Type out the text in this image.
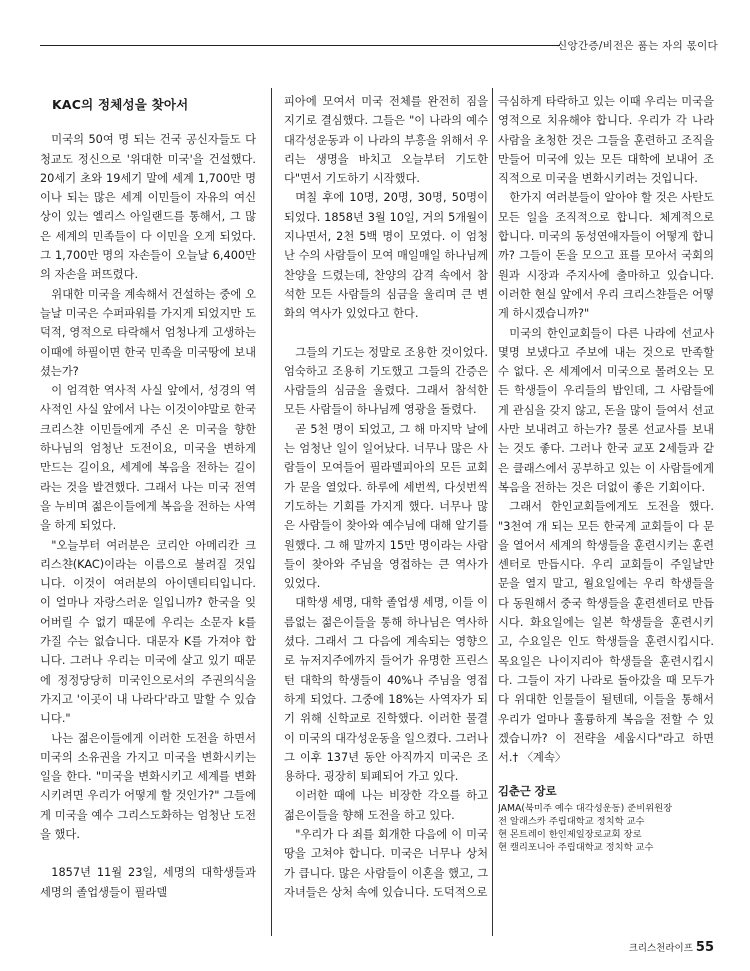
신앙간증/비전은 품는 자의 몫이다
KAC의 정체성을 찾아서

미국의 50여 명 되는 건국 공신자들도 다 청교도 정신으로 '위대한 미국'을 건설했다. 20세기 초와 19세기 말에 세계 1,700만 명이나 되는 많은 세계 이민들이 자유의 여신상이 있는 엘리스 아일랜드를 통해서, 그 많은 세계의 민족들이 다 이민을 오게 되었다. 그 1,700만 명의 자손들이 오늘날 6,400만의 자손을 퍼뜨렸다.

위대한 미국을 계속해서 건설하는 중에 오늘날 미국은 수퍼파워를 가지게 되었지만 도덕적, 영적으로 타락해서 엄청나게 고생하는 이때에 하필이면 한국 민족을 미국땅에 보내셨는가?

이 엄격한 역사적 사실 앞에서, 성경의 역사적인 사실 앞에서 나는 이것이야말로 한국 크리스챤 이민들에게 주신 온 미국을 향한 하나님의 엄청난 도전이요, 미국을 변하게 만드는 길이요, 세계에 복음을 전하는 길이라는 것을 발견했다. 그래서 나는 미국 전역을 누비며 젊은이들에게 복음을 전하는 사역을 하게 되었다.

"오늘부터 여러분은 코리안 아메리칸 크리스챤(KAC)이라는 이름으로 불려질 것입니다. 이것이 여러분의 아이덴티티입니다. 이 얼마나 자랑스러운 일입니까? 한국을 잊어버릴 수 없기 때문에 우리는 소문자 k를 가질 수는 없습니다. 대문자 K를 가져야 합니다. 그러나 우리는 미국에 살고 있기 때문에 정정당당히 미국인으로서의 주권의식을 가지고 '이곳이 내 나라다'라고 말할 수 있습니다."

나는 젊은이들에게 이러한 도전을 하면서 미국의 소유권을 가지고 미국을 변화시키는 일을 한다. "미국을 변화시키고 세계를 변화시키려면 우리가 어떻게 할 것인가?" 그들에게 미국을 예수 그리스도화하는 엄청난 도전을 했다.

1857년 11월 23일, 세명의 대학생들과 세명의 졸업생들이 필라델

피아에 모여서 미국 전체를 완전히 짐을 지기로 결심했다. 그들은 "이 나라의 예수 대각성운동과 이 나라의 부흥을 위해서 우리는 생명을 바치고 오늘부터 기도한다"면서 기도하기 시작했다.

며칠 후에 10명, 20명, 30명, 50명이 되었다. 1858년 3월 10일, 거의 5개월이 지나면서, 2천 5백 명이 모였다. 이 엄청난 수의 사람들이 모여 매일매일 하나님께 찬양을 드렸는데, 찬양의 감격 속에서 참석한 모든 사람들의 심금을 울리며 큰 변화의 역사가 있었다고 한다.

그들의 기도는 정말로 조용한 것이었다. 엄숙하고 조용히 기도했고 그들의 간증은 사람들의 심금을 울렸다. 그래서 참석한 모든 사람들이 하나님께 영광을 돌렸다.

곧 5천 명이 되었고, 그 해 마지막 날에는 엄청난 일이 일어났다. 너무나 많은 사람들이 모여들어 필라델피아의 모든 교회가 문을 열었다. 하루에 세번씩, 다섯번씩 기도하는 기회를 가지게 했다. 너무나 많은 사람들이 찾아와 예수님에 대해 알기를 원했다. 그 해 말까지 15만 명이라는 사람들이 찾아와 주님을 영접하는 큰 역사가 있었다.

대학생 세명, 대학 졸업생 세명, 이들 이름없는 젊은이들을 통해 하나님은 역사하셨다. 그래서 그 다음에 계속되는 영향으로 뉴저지주에까지 들어가 유명한 프린스턴 대학의 학생들이 40%나 주님을 영접하게 되었다. 그중에 18%는 사역자가 되기 위해 신학교로 진학했다. 이러한 물결이 미국의 대각성운동을 일으켰다. 그러나 그 이후 137년 동안 아직까지 미국은 조용하다. 굉장히 퇴폐되어 가고 있다.

이러한 때에 나는 비장한 각오를 하고 젊은이들을 향해 도전을 하고 있다.

"우리가 다 죄를 회개한 다음에 이 미국땅을 고쳐야 합니다. 미국은 너무나 상처가 큽니다. 많은 사람들이 이혼을 했고, 그 자녀들은 상처 속에 있습니다. 도덕적으로

극심하게 타락하고 있는 이때 우리는 미국을 영적으로 치유해야 합니다. 우리가 각 나라 사람을 초청한 것은 그들을 훈련하고 조직을 만들어 미국에 있는 모든 대학에 보내어 조직적으로 미국을 변화시키려는 것입니다.

한가지 여러분들이 알아야 할 것은 사탄도 모든 일을 조직적으로 합니다. 체계적으로 합니다. 미국의 동성연애자들이 어떻게 합니까? 그들이 돈을 모으고 표를 모아서 국회의원과 시장과 주지사에 출마하고 있습니다. 이러한 현실 앞에서 우리 크리스챤들은 어떻게 하시겠습니까?"

미국의 한인교회들이 다른 나라에 선교사 몇명 보냈다고 주보에 내는 것으로 만족할 수 없다. 온 세계에서 미국으로 몰려오는 모든 학생들이 우리들의 밥인데, 그 사람들에게 관심을 갖지 않고, 돈을 많이 들여서 선교사만 보내려고 하는가? 물론 선교사를 보내는 것도 좋다. 그러나 한국 교포 2세들과 같은 클래스에서 공부하고 있는 이 사람들에게 복음을 전하는 것은 더없이 좋은 기회이다.

그래서 한인교회들에게도 도전을 했다. "3천여 개 되는 모든 한국계 교회들이 다 문을 열어서 세계의 학생들을 훈련시키는 훈련센터로 만듭시다. 우리 교회들이 주일날만 문을 열지 말고, 월요일에는 우리 학생들을 다 동원해서 중국 학생들을 훈련센터로 만듭시다. 화요일에는 일본 학생들을 훈련시키고, 수요일은 인도 학생들을 훈련시킵시다. 목요일은 나이지리아 학생들을 훈련시킵시다. 그들이 자기 나라로 돌아갔을 때 모두가 다 위대한 인물들이 될텐데, 이들을 통해서 우리가 얼마나 훌륭하게 복음을 전할 수 있겠습니까? 이 전략을 세웁시다"라고 하면서.† 〈계속〉

김춘근 장로
JAMA(북미주 예수 대각성운동) 준비위원장
전 알래스카 주립대학교 정치학 교수
현 몬트레이 한인제일장로교회 장로
현 캘리포니아 주립대학교 정치학 교수
크리스천라이프 55
